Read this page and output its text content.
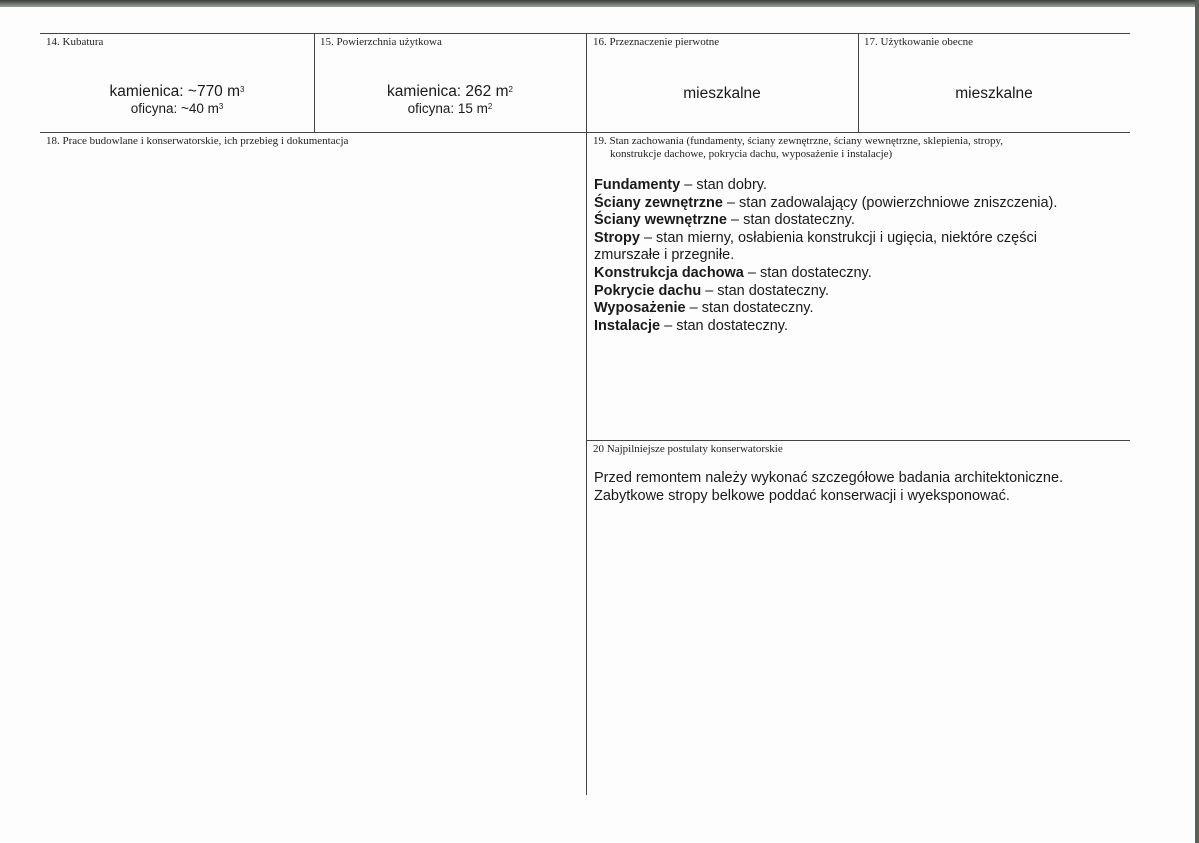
14. Kubatura
kamienica: ~770 $m^3$
oficyna: ~40 $m^3$
15. Powierzchnia użytkowa
kamienica: 262 $m^2$
oficyna: 15 $m^2$
16. Przeznaczenie pierwotne
mieszkalne
17. Użytkowanie obecne
mieszkalne
18. Prace budowlane i konserwatorskie, ich przebieg i dokumentacja	19. Stan zachowania (fundamenty, ściany zewnętrzne, ściany wewnętrzne, sklepienia, stropy,
konstrukcje dachowe, pokrycia dachu, wyposażenie i instalacje)

Fundamenty – stan dobry.

Ściany zewnętrzne – stan zadowalający (powierzchniowe zniszczenia).

Ściany wewnętrzne – stan dostateczny.

Stropy – stan mierny, osłabienia konstrukcji i ugięcia, niektóre części zmurszałe i przegniłe.

Konstrukcja dachowa – stan dostateczny.

Pokrycie dachu – stan dostateczny.

Wyposażenie – stan dostateczny.

Instalacje – stan dostateczny.

20 Najpilniejsze postulaty konserwatorskie

Przed remontem należy wykonać szczegółowe badania architektoniczne.

Zabytkowe stropy belkowe poddać konserwacji i wyeksponować.
